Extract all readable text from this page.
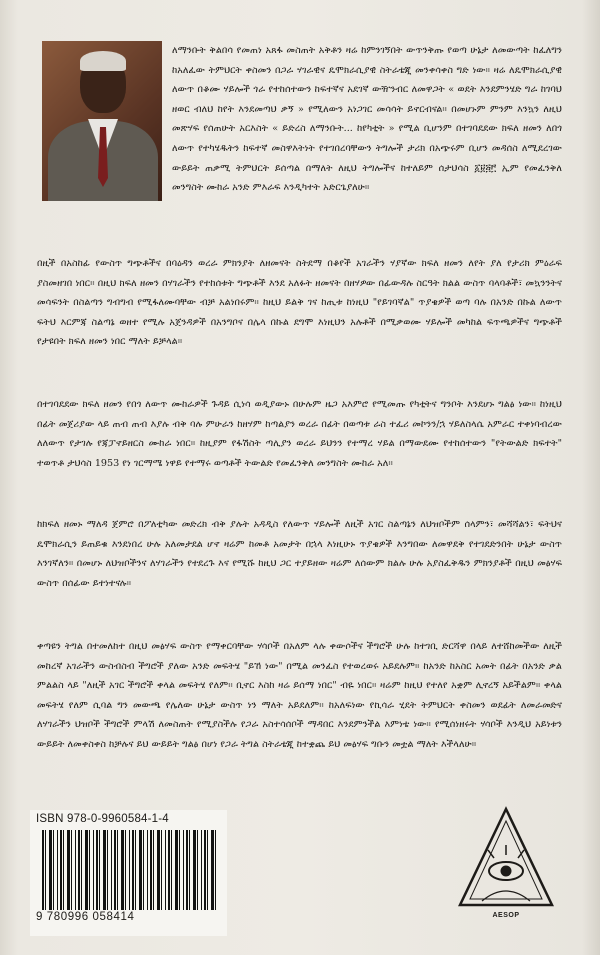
ለማንቡት ቅልበሳ የመጠነ አጸፋ መስጠት አቅቶን ዛሬ ከምንገኝበት ውጥንቅጡ የወጣ ሁኔታ ለመውጣት ከፈለግን ከአለፈው ትምህርት ቀስመን በጋራ ሃገራዊና ዴሞክራሲያዊ ስትራቴጂ መንቀሳቀስ ግድ ነው። ዛሬ ለዴሞክራሲያዊ ለውጥ በቆሙ ሃይሎች ጎራ የተከሰተውን ከፍተኛና አደገኛ ውዥንብር ለመዋጋት « ወደት እንደምንሄድ ግራ ከገባህ ዘወር ብለህ ከየት እንደመጣህ ቃኝ » የሚለውን አነጋገር መሳሳት ይኖርብናል። በመሆኑም ምንም እንኳን ለዚህ መጽሃፍ የሰጠሁት አርእስት « ይድረስ ለማንቡት... ከየካቲት » የሚል ቢሆንም በተገባደደው ክፍለ ዘመን ለበጎ ለውጥ የተካሄዱትን ከፍተኛ መስዋእትነት የተገበረባቸውን ትግሎች ታሪክ በአጭሩም ቢሆን መዳሰስ ለሚደረገው ውይይት ጠቃሚ ትምህርት ይሰጣል በማለት ለዚህ ትግሎችና ከተለይም ሰታህሳስ ፩፱፭፫ ኢም የመፈንቅለ መንግስት ሙከራ አንድ ምእራፍ እንዲካተት አድርጌያለሁ።

በዚች በአስከፊ የውስጥ ግጭቶችና በባዕዳን ወረራ ምክንያት ለዘመናት ስትደማ በቆየች አገራችን ሃያኛው ክፍለ ዘመን ለየት ያለ የታሪክ ምዕራፍ ያስመዘገበ ነበር። በዚህ ክፍለ ዘመን በሃገራችን የተከሰቱት ግጭቶች እንደ አለፉት ዘመናት በዘሃዎው በፊውዳሉ ስርዓት ክልል ውስጥ ባላባቶች፣ መኳንንትና መሳፍንት በስልጣን ግብግብ የሚፋለሙባቸው ብቻ አልነበሩም። ከዚህ ይልቅ ገና ከጢቱ ከነዚህ "የይገባኛል" ጥያቄዎች ወጣ ባሉ በአንድ በኩል ለውጥ ፍትህ እርምጃ ስልጣኔ ወዘተ የሚሉ አጀንዳዎች በአንግቦና በሌላ በኩል ደግሞ እነዚህን አሉቶች በሚቃወሙ ሃይሎች መካከል ፍጥጫዎችና ግጭቶች የታዩበት ክፍለ ዘመን ነበር ማለት ይቻላል።

በተገባደደው ክፍለ ዘመን የበጎ ለውጥ ሙከራዎች ጉዳይ ሲነሳ ወዲያውኑ በሁሉም ዜጋ አእምሮ የሚመጡ የካቲትና ግንቦት እንደሆኑ ግልፅ ነው። ከነዚህ በፊት መጀሪያው ላይ ጠብ ጠብ እያሉ ብቅ ባሉ ምሁራን ከዘሃም ከጣልያን ወረራ በፊት በወጣቱ ራስ ተፈሪ መኮንን/ኋ ሃይለስላሴ አምራር ተቀነባብረው ለለውጥ የታገሉ የጃፓኖይዘርስ ሙከራ ነበር። ከዚያም የፋሽስት ጣሊያን ወረራ ይህንን የተማረ ሃይል በማውደሙ የተከሰተውን "የትውልድ ክፍተት" ተወጥቶ ታህሳስ 1953 የነ ገርማሜ ነዋይ የተማሩ ወጣቶች ትውልድ የመፈንቅለ መንግስት ሙከራ አለ።

ከክፍለ ዘመኑ ማለዳ ጀምሮ በፖለቲካው መድረክ ብቅ ያሉት አዳዲስ የለውጥ ሃይሎች ለዚች አገር ስልጣኔን ለህዝቦችም ሰላምን፣ መሻሻልን፣ ፍትህና ዴሞክራሲን ይጠይቁ እንደነበረ ሁሉ አለመታደል ሆኖ ዛሬም ከመቶ አመታት በኋላ እነዚሁኑ ጥያቄዎች እንግበው ለመዋደቅ የተገደድንበት ሁኔታ ውስጥ እንገኛለን። በመሆኑ ለህዝቦችንና ለሃገራችን የተደረጉ እና የሚሹ ከዚህ ጋር ተያይዘው ዛሬም ለሰውም ክልሉ ሁሉ አያስፈቅዱን ምክንያቶች በዚህ መፅሃፍ ውስጥ በሰፊው ይተነተናሉ።

ቀጣዩን ትግል በተመለከተ በዚህ መፅሃፍ ውስጥ የማቀርባቸው ሃሳቦች በአለም ላሉ ቀውሶችና ችግሮች ሁሉ ከተገቢ ድርሻዋ በላይ ለተሸከመችው ለዚች መከረኛ አገራችን ውስብስብ ችግሮች ያለው አንድ መፍትሄ "ይኸ ነው" በሚል መንፈስ የተወረወሩ አይደሉም። ከአንድ ከአስር አመት በፊት በአንድ ቃል ምልልስ ላይ "ለዚች አገር ችግሮች ቀላል መፍትሄ የለም። ቢኖር እስከ ዛሬ ይሰማ ነበር" ብዬ ነበር። ዛሬም ከዚህ የተለየ አቋም ሊኖረኝ አይችልም። ቀላል መፍትሄ የለም ሲባል ግን መውጫ የሌለው ሁኔታ ውስጥ ነን ማለት አይደለም። ከአለፍነው የኪሳራ ሂደት ትምህርት ቀስመን ወደፊት ለመራመድና ለሃገራችን ህዝቦች ችግሮች ምላሽ ለመስጠት የሚያስችሉ የጋራ አስተሳሰቦች ማዳበር እንደምንችል እምነቴ ነው። የሚሰነዘሩት ሃሳቦች እንዲህ አይነቱን ውይይት ለመቀስቀስ ከቻሉና ይህ ውይይት ግልፅ በሆነ የጋራ ትግል ስትራቴጂ ከተቋጨ ይህ መፅሃፍ ግቡን መቷል ማለት እችላለሁ።

ISBN 978-0-9960584-1-4
9 780996 058414	AESOP
